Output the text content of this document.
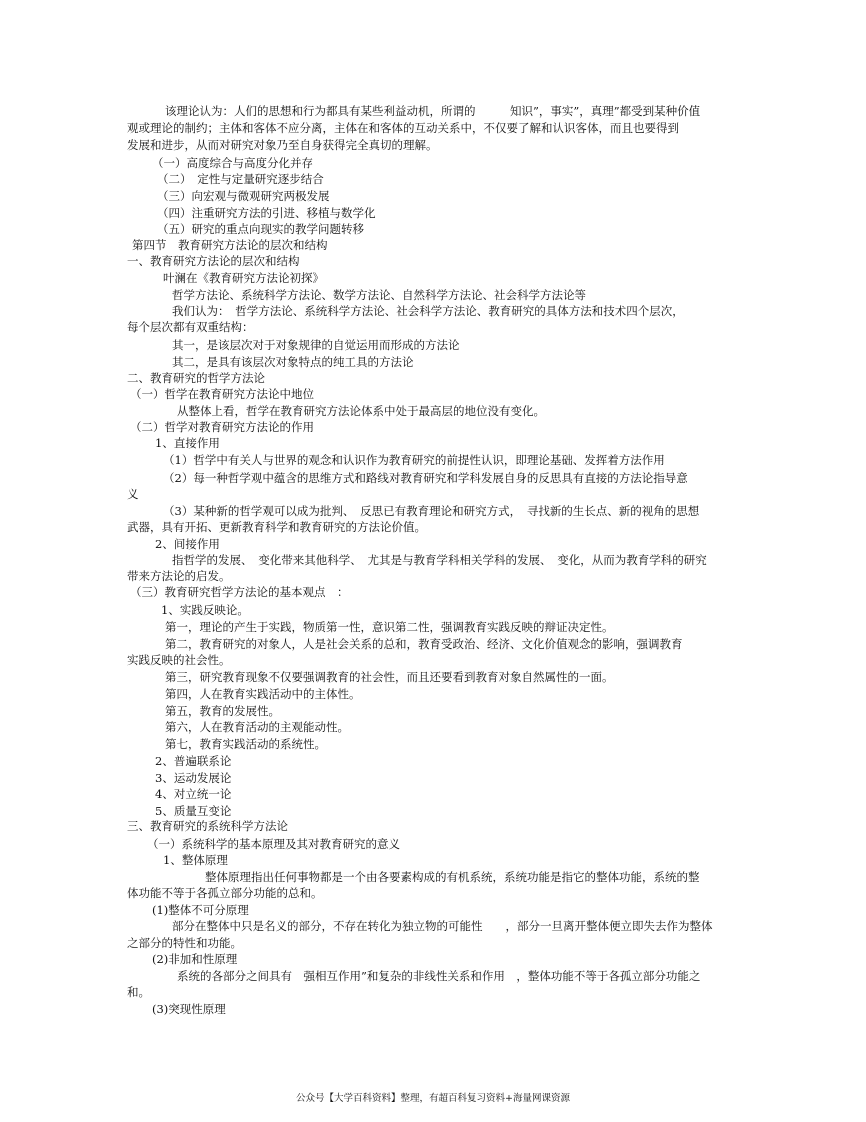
该理论认为：人们的思想和行为都具有某些利益动机，所谓的　　　知识”，事实”，真理”都受到某种价值
观或理论的制约；主体和客体不应分离，主体在和客体的互动关系中，不仅要了解和认识客体，而且也要得到
发展和进步，从而对研究对象乃至自身获得完全真切的理解。
（一）高度综合与高度分化并存
（二）　定性与定量研究逐步结合
（三）向宏观与微观研究两极发展
（四）注重研究方法的引进、移植与数学化
（五）研究的重点向现实的教学问题转移
第四节　教育研究方法论的层次和结构
一、教育研究方法论的层次和结构
叶澜在《教育研究方法论初探》
哲学方法论、系统科学方法论、数学方法论、自然科学方法论、社会科学方法论等
我们认为：　哲学方法论、系统科学方法论、社会科学方法论、教育研究的具体方法和技术四个层次，
每个层次都有双重结构：
其一，是该层次对于对象规律的自觉运用而形成的方法论
其二，是具有该层次对象特点的纯工具的方法论
二、教育研究的哲学方法论
（一）哲学在教育研究方法论中地位
从整体上看，哲学在教育研究方法论体系中处于最高层的地位没有变化。
（二）哲学对教育研究方法论的作用
1、直接作用
（1）哲学中有关人与世界的观念和认识作为教育研究的前提性认识，即理论基础、发挥着方法作用
（2）每一种哲学观中蕴含的思维方式和路线对教育研究和学科发展自身的反思具有直接的方法论指导意
义
（3）某种新的哲学观可以成为批判、　反思已有教育理论和研究方式，　寻找新的生长点、新的视角的思想
武器，具有开拓、更新教育科学和教育研究的方法论价值。
2、间接作用
指哲学的发展、　变化带来其他科学、　尤其是与教育学科相关学科的发展、　变化，从而为教育学科的研究
带来方法论的启发。
（三）教育研究哲学方法论的基本观点　：
1、实践反映论。
第一，理论的产生于实践，物质第一性，意识第二性，强调教育实践反映的辩证决定性。
第二，教育研究的对象人，人是社会关系的总和，教育受政治、经济、文化价值观念的影响，强调教育
实践反映的社会性。
第三，研究教育现象不仅要强调教育的社会性，而且还要看到教育对象自然属性的一面。
第四，人在教育实践活动中的主体性。
第五，教育的发展性。
第六，人在教育活动的主观能动性。
第七，教育实践活动的系统性。
2、普遍联系论
3、运动发展论
4、对立统一论
5、质量互变论
三、教育研究的系统科学方法论
（一）系统科学的基本原理及其对教育研究的意义
1、整体原理
整体原理指出任何事物都是一个由各要素构成的有机系统，系统功能是指它的整体功能，系统的整
体功能不等于各孤立部分功能的总和。
(1)整体不可分原理
部分在整体中只是名义的部分，不存在转化为独立物的可能性　　，部分一旦离开整体便立即失去作为整体
之部分的特性和功能。
(2)非加和性原理
系统的各部分之间具有　强相互作用”和复杂的非线性关系和作用　，整体功能不等于各孤立部分功能之
和。
(3)突现性原理
公众号【大学百科资料】整理，有超百科复习资料+海量网课资源
